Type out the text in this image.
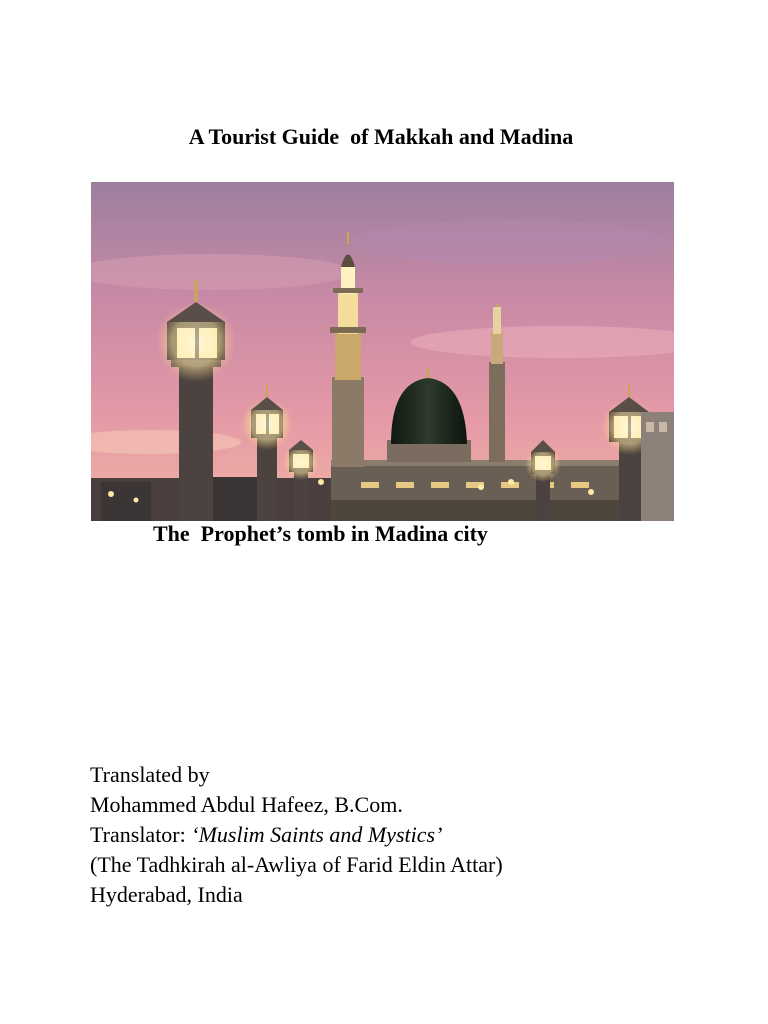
A Tourist Guide  of Makkah and Madina
The  Prophet’s tomb in Madina city
Translated by
Mohammed Abdul Hafeez, B.Com.
Translator: ‘Muslim Saints and Mystics’
(The Tadhkirah al-Awliya of Farid Eldin Attar)
Hyderabad, India
